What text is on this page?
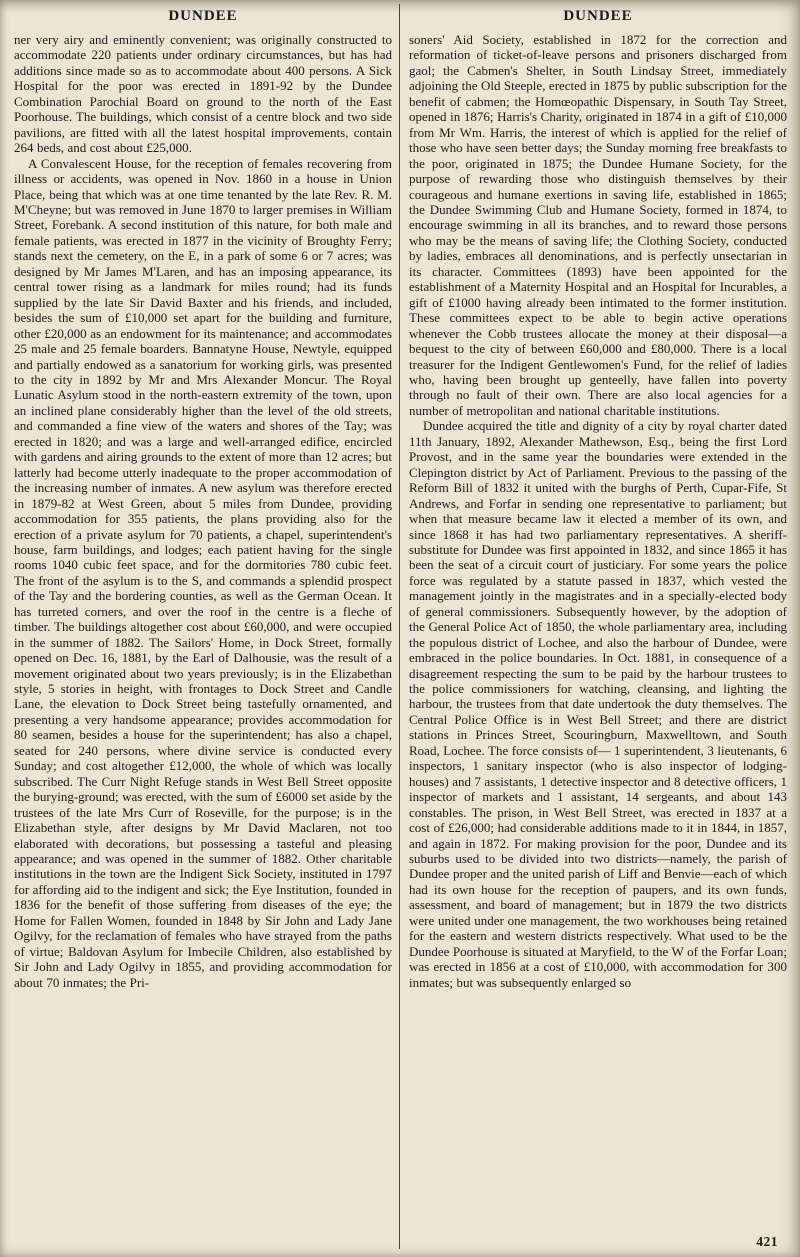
DUNDEE

ner very airy and eminently convenient; was originally constructed to accommodate 220 patients under ordinary circumstances, but has had additions since made so as to accommodate about 400 persons. A Sick Hospital for the poor was erected in 1891-92 by the Dundee Combination Parochial Board on ground to the north of the East Poorhouse. The buildings, which consist of a centre block and two side pavilions, are fitted with all the latest hospital improvements, contain 264 beds, and cost about £25,000.

A Convalescent House, for the reception of females recovering from illness or accidents, was opened in Nov. 1860 in a house in Union Place, being that which was at one time tenanted by the late Rev. R. M. M'Cheyne; but was removed in June 1870 to larger premises in William Street, Forebank. A second institution of this nature, for both male and female patients, was erected in 1877 in the vicinity of Broughty Ferry; stands next the cemetery, on the E, in a park of some 6 or 7 acres; was designed by Mr James M'Laren, and has an imposing appearance, its central tower rising as a landmark for miles round; had its funds supplied by the late Sir David Baxter and his friends, and included, besides the sum of £10,000 set apart for the building and furniture, other £20,000 as an endowment for its maintenance; and accommodates 25 male and 25 female boarders. Bannatyne House, Newtyle, equipped and partially endowed as a sanatorium for working girls, was presented to the city in 1892 by Mr and Mrs Alexander Moncur. The Royal Lunatic Asylum stood in the north-eastern extremity of the town, upon an inclined plane considerably higher than the level of the old streets, and commanded a fine view of the waters and shores of the Tay; was erected in 1820; and was a large and well-arranged edifice, encircled with gardens and airing grounds to the extent of more than 12 acres; but latterly had become utterly inadequate to the proper accommodation of the increasing number of inmates. A new asylum was therefore erected in 1879-82 at West Green, about 5 miles from Dundee, providing accommodation for 355 patients, the plans providing also for the erection of a private asylum for 70 patients, a chapel, superintendent's house, farm buildings, and lodges; each patient having for the single rooms 1040 cubic feet space, and for the dormitories 780 cubic feet. The front of the asylum is to the S, and commands a splendid prospect of the Tay and the bordering counties, as well as the German Ocean. It has turreted corners, and over the roof in the centre is a fleche of timber. The buildings altogether cost about £60,000, and were occupied in the summer of 1882. The Sailors' Home, in Dock Street, formally opened on Dec. 16, 1881, by the Earl of Dalhousie, was the result of a movement originated about two years previously; is in the Elizabethan style, 5 stories in height, with frontages to Dock Street and Candle Lane, the elevation to Dock Street being tastefully ornamented, and presenting a very handsome appearance; provides accommodation for 80 seamen, besides a house for the superintendent; has also a chapel, seated for 240 persons, where divine service is conducted every Sunday; and cost altogether £12,000, the whole of which was locally subscribed. The Curr Night Refuge stands in West Bell Street opposite the burying-ground; was erected, with the sum of £6000 set aside by the trustees of the late Mrs Curr of Roseville, for the purpose; is in the Elizabethan style, after designs by Mr David Maclaren, not too elaborated with decorations, but possessing a tasteful and pleasing appearance; and was opened in the summer of 1882. Other charitable institutions in the town are the Indigent Sick Society, instituted in 1797 for affording aid to the indigent and sick; the Eye Institution, founded in 1836 for the benefit of those suffering from diseases of the eye; the Home for Fallen Women, founded in 1848 by Sir John and Lady Jane Ogilvy, for the reclamation of females who have strayed from the paths of virtue; Baldovan Asylum for Imbecile Children, also established by Sir John and Lady Ogilvy in 1855, and providing accommodation for about 70 inmates; the Pri-

DUNDEE

soners' Aid Society, established in 1872 for the correction and reformation of ticket-of-leave persons and prisoners discharged from gaol; the Cabmen's Shelter, in South Lindsay Street, immediately adjoining the Old Steeple, erected in 1875 by public subscription for the benefit of cabmen; the Homœopathic Dispensary, in South Tay Street, opened in 1876; Harris's Charity, originated in 1874 in a gift of £10,000 from Mr Wm. Harris, the interest of which is applied for the relief of those who have seen better days; the Sunday morning free breakfasts to the poor, originated in 1875; the Dundee Humane Society, for the purpose of rewarding those who distinguish themselves by their courageous and humane exertions in saving life, established in 1865; the Dundee Swimming Club and Humane Society, formed in 1874, to encourage swimming in all its branches, and to reward those persons who may be the means of saving life; the Clothing Society, conducted by ladies, embraces all denominations, and is perfectly unsectarian in its character. Committees (1893) have been appointed for the establishment of a Maternity Hospital and an Hospital for Incurables, a gift of £1000 having already been intimated to the former institution. These committees expect to be able to begin active operations whenever the Cobb trustees allocate the money at their disposal—a bequest to the city of between £60,000 and £80,000. There is a local treasurer for the Indigent Gentlewomen's Fund, for the relief of ladies who, having been brought up genteelly, have fallen into poverty through no fault of their own. There are also local agencies for a number of metropolitan and national charitable institutions.

Dundee acquired the title and dignity of a city by royal charter dated 11th January, 1892, Alexander Mathewson, Esq., being the first Lord Provost, and in the same year the boundaries were extended in the Clepington district by Act of Parliament. Previous to the passing of the Reform Bill of 1832 it united with the burghs of Perth, Cupar-Fife, St Andrews, and Forfar in sending one representative to parliament; but when that measure became law it elected a member of its own, and since 1868 it has had two parliamentary representatives. A sheriff-substitute for Dundee was first appointed in 1832, and since 1865 it has been the seat of a circuit court of justiciary. For some years the police force was regulated by a statute passed in 1837, which vested the management jointly in the magistrates and in a specially-elected body of general commissioners. Subsequently however, by the adoption of the General Police Act of 1850, the whole parliamentary area, including the populous district of Lochee, and also the harbour of Dundee, were embraced in the police boundaries. In Oct. 1881, in consequence of a disagreement respecting the sum to be paid by the harbour trustees to the police commissioners for watching, cleansing, and lighting the harbour, the trustees from that date undertook the duty themselves. The Central Police Office is in West Bell Street; and there are district stations in Princes Street, Scouringburn, Maxwelltown, and South Road, Lochee. The force consists of— 1 superintendent, 3 lieutenants, 6 inspectors, 1 sanitary inspector (who is also inspector of lodging-houses) and 7 assistants, 1 detective inspector and 8 detective officers, 1 inspector of markets and 1 assistant, 14 sergeants, and about 143 constables. The prison, in West Bell Street, was erected in 1837 at a cost of £26,000; had considerable additions made to it in 1844, in 1857, and again in 1872. For making provision for the poor, Dundee and its suburbs used to be divided into two districts—namely, the parish of Dundee proper and the united parish of Liff and Benvie—each of which had its own house for the reception of paupers, and its own funds, assessment, and board of management; but in 1879 the two districts were united under one management, the two workhouses being retained for the eastern and western districts respectively. What used to be the Dundee Poorhouse is situated at Maryfield, to the W of the Forfar Loan; was erected in 1856 at a cost of £10,000, with accommodation for 300 inmates; but was subsequently enlarged so

421
